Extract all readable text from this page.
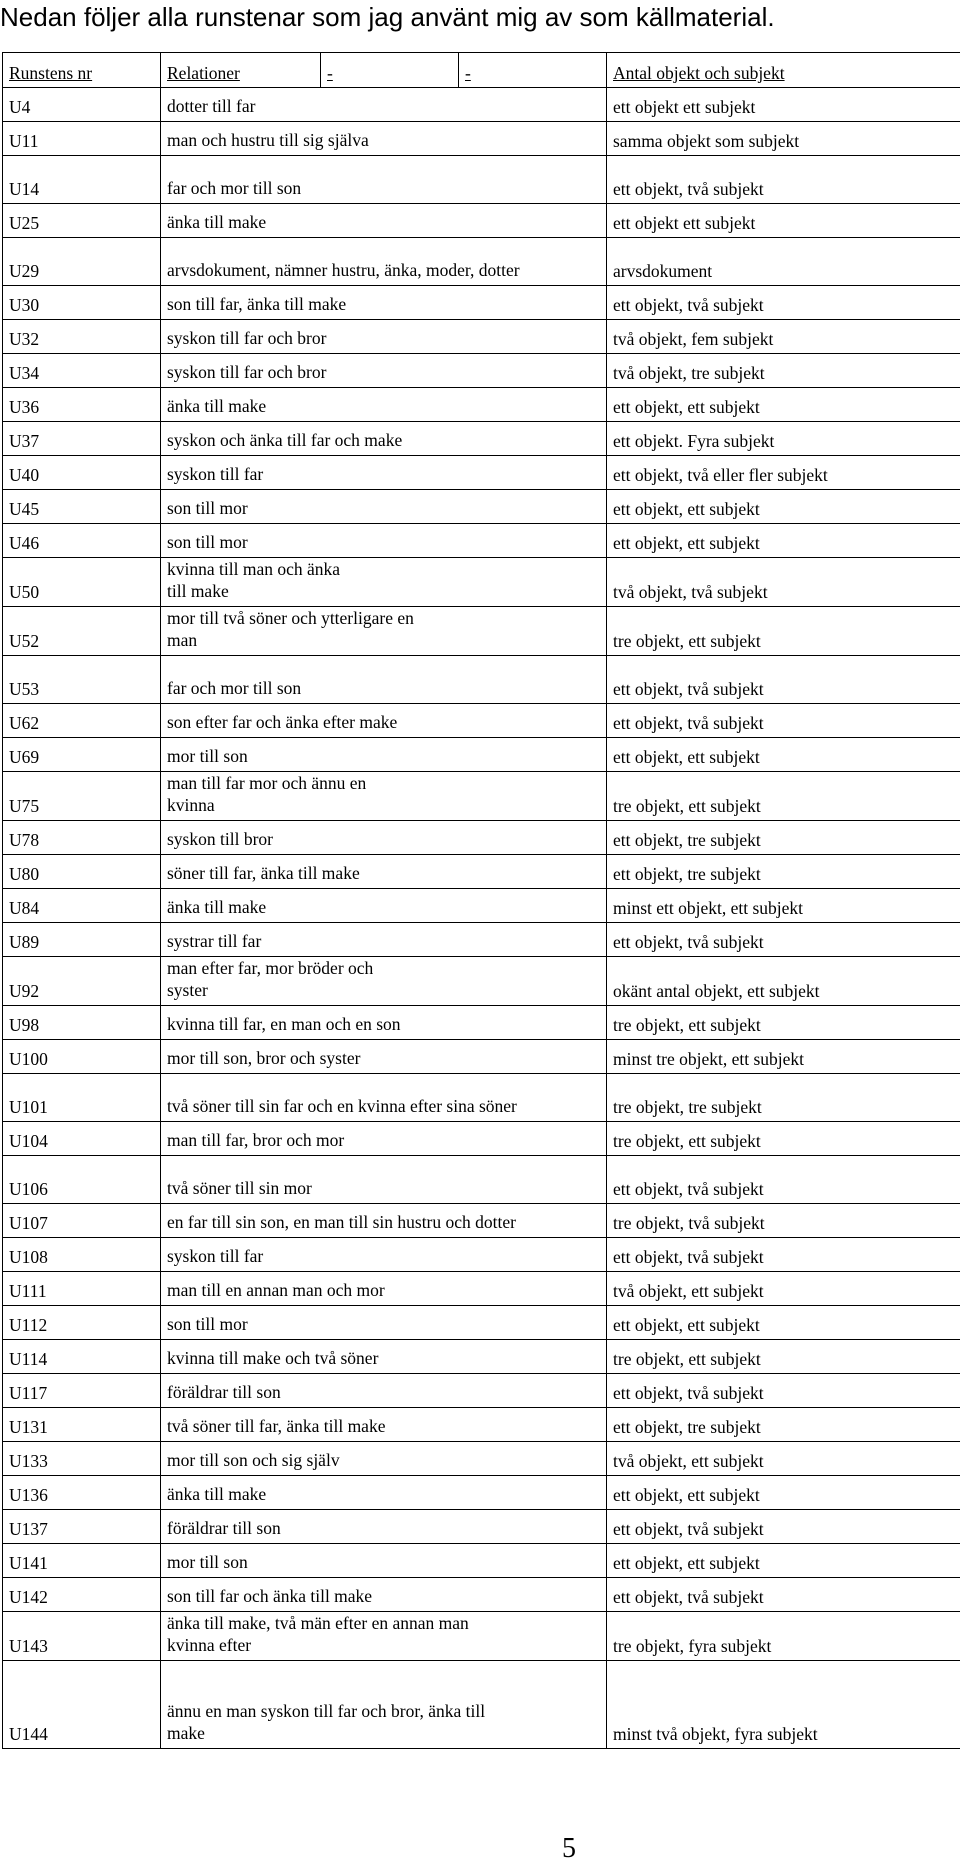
Nedan följer alla runstenar som jag använt mig av som källmaterial.
Runstens nr	Relationer	-	-	Antal objekt och subjekt
U4	dotter till far			ett objekt ett subjekt
U11	man och hustru till sig själva			samma objekt som subjekt
U14	far och mor till son			ett objekt, två subjekt
U25	änka till make			ett objekt ett subjekt
U29	arvsdokument, nämner hustru, änka, moder, dotter			arvsdokument
U30	son till far, änka till make			ett objekt, två subjekt
U32	syskon till far och bror			två objekt, fem subjekt
U34	syskon till far och bror			två objekt, tre subjekt
U36	änka till make			ett objekt, ett subjekt
U37	syskon och änka till far och make			ett objekt. Fyra subjekt
U40	syskon till far			ett objekt, två eller fler subjekt
U45	son till mor			ett objekt, ett subjekt
U46	son till mor			ett objekt, ett subjekt
U50	kvinna till man och änka till make			två objekt, två subjekt
U52	mor till två söner och ytterligare en man			tre objekt, ett subjekt
U53	far och mor till son			ett objekt, två subjekt
U62	son efter far och änka efter make			ett objekt, två subjekt
U69	mor till son			ett objekt, ett subjekt
U75	man till far mor och ännu en kvinna			tre objekt, ett subjekt
U78	syskon till bror			ett objekt, tre subjekt
U80	söner till far, änka till make			ett objekt, tre subjekt
U84	änka till make			minst ett objekt, ett subjekt
U89	systrar till far			ett objekt, två subjekt
U92	man efter far, mor bröder och syster			okänt antal objekt, ett subjekt
U98	kvinna till far, en man och en son			tre objekt, ett subjekt
U100	mor till son, bror och syster			minst tre objekt, ett subjekt
U101	två söner till sin far och en kvinna efter sina söner			tre objekt, tre subjekt
U104	man till far, bror och mor			tre objekt, ett subjekt
U106	två söner till sin mor			ett objekt, två subjekt
U107	en far till sin son, en man till sin hustru och dotter			tre objekt, två subjekt
U108	syskon till far			ett objekt, två subjekt
U111	man till en annan man och mor			två objekt, ett subjekt
U112	son till mor			ett objekt, ett subjekt
U114	kvinna till make och två söner			tre objekt, ett subjekt
U117	föräldrar till son			ett objekt, två subjekt
U131	två söner till far, änka till make			ett objekt, tre subjekt
U133	mor till son och sig själv			två objekt, ett subjekt
U136	änka till make			ett objekt, ett subjekt
U137	föräldrar till son			ett objekt, två subjekt
U141	mor till son			ett objekt, ett subjekt
U142	son till far och änka till make			ett objekt, två subjekt
U143	änka till make, två män efter en annan man kvinna efter			tre objekt, fyra subjekt
U144	ännu en man syskon till far och bror, änka till make			minst två objekt, fyra subjekt
5
